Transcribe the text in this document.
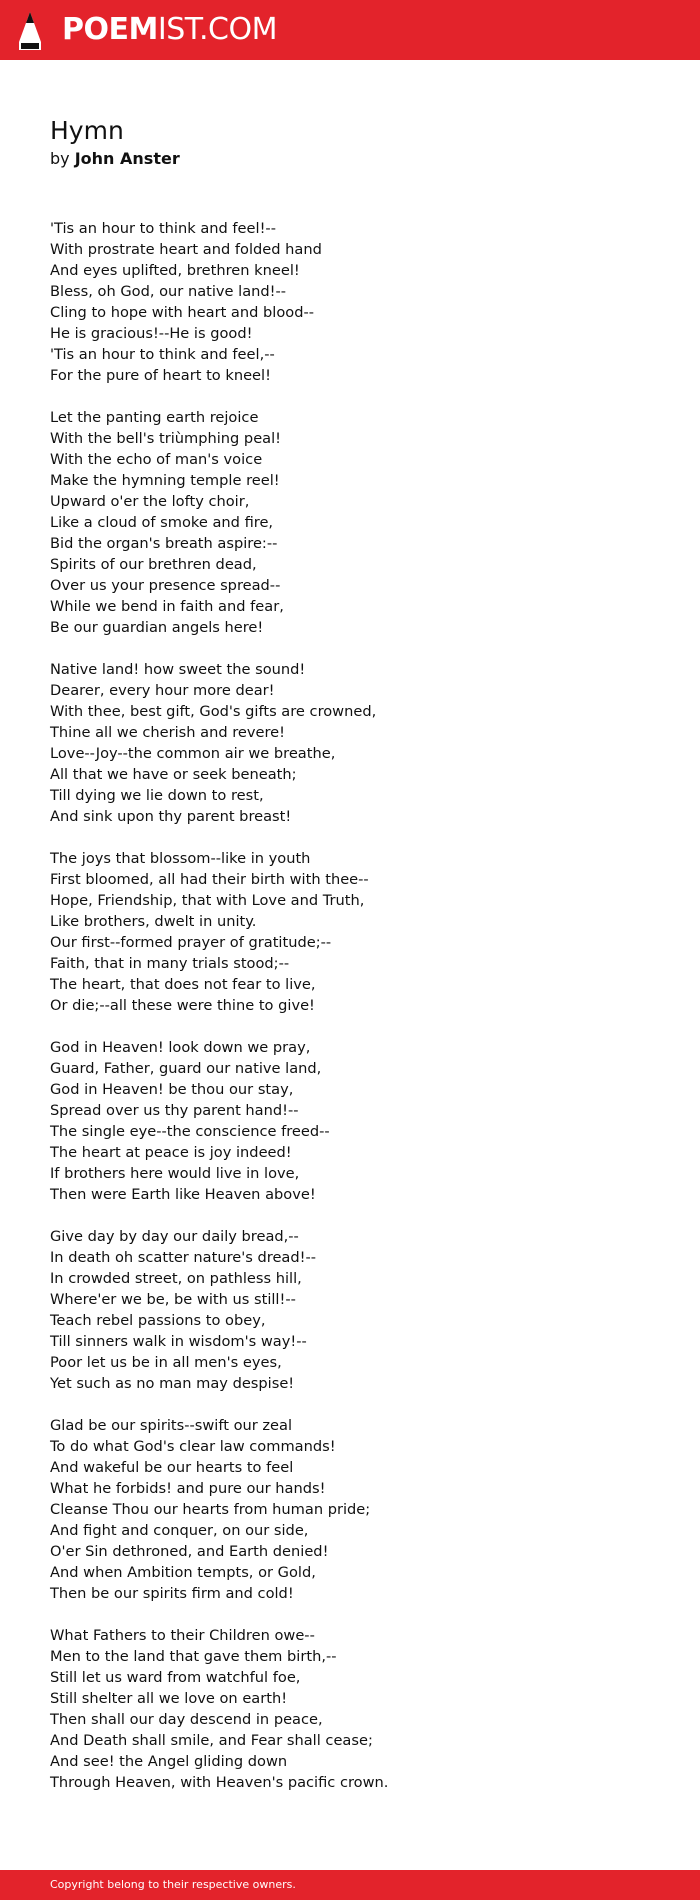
POEMIST.COM
Hymn
by John Anster
'Tis an hour to think and feel!--
With prostrate heart and folded hand
And eyes uplifted, brethren kneel!
Bless, oh God, our native land!--
Cling to hope with heart and blood--
He is gracious!--He is good!
'Tis an hour to think and feel,--
For the pure of heart to kneel!
Let the panting earth rejoice
With the bell's triùmphing peal!
With the echo of man's voice
Make the hymning temple reel!
Upward o'er the lofty choir,
Like a cloud of smoke and fire,
Bid the organ's breath aspire:--
Spirits of our brethren dead,
Over us your presence spread--
While we bend in faith and fear,
Be our guardian angels here!
Native land! how sweet the sound!
Dearer, every hour more dear!
With thee, best gift, God's gifts are crowned,
Thine all we cherish and revere!
Love--Joy--the common air we breathe,
All that we have or seek beneath;
Till dying we lie down to rest,
And sink upon thy parent breast!
The joys that blossom--like in youth
First bloomed, all had their birth with thee--
Hope, Friendship, that with Love and Truth,
Like brothers, dwelt in unity.
Our first--formed prayer of gratitude;--
Faith, that in many trials stood;--
The heart, that does not fear to live,
Or die;--all these were thine to give!
God in Heaven! look down we pray,
Guard, Father, guard our native land,
God in Heaven! be thou our stay,
Spread over us thy parent hand!--
The single eye--the conscience freed--
The heart at peace is joy indeed!
If brothers here would live in love,
Then were Earth like Heaven above!
Give day by day our daily bread,--
In death oh scatter nature's dread!--
In crowded street, on pathless hill,
Where'er we be, be with us still!--
Teach rebel passions to obey,
Till sinners walk in wisdom's way!--
Poor let us be in all men's eyes,
Yet such as no man may despise!
Glad be our spirits--swift our zeal
To do what God's clear law commands!
And wakeful be our hearts to feel
What he forbids! and pure our hands!
Cleanse Thou our hearts from human pride;
And fight and conquer, on our side,
O'er Sin dethroned, and Earth denied!
And when Ambition tempts, or Gold,
Then be our spirits firm and cold!
What Fathers to their Children owe--
Men to the land that gave them birth,--
Still let us ward from watchful foe,
Still shelter all we love on earth!
Then shall our day descend in peace,
And Death shall smile, and Fear shall cease;
And see! the Angel gliding down
Through Heaven, with Heaven's pacific crown.
Copyright belong to their respective owners.
